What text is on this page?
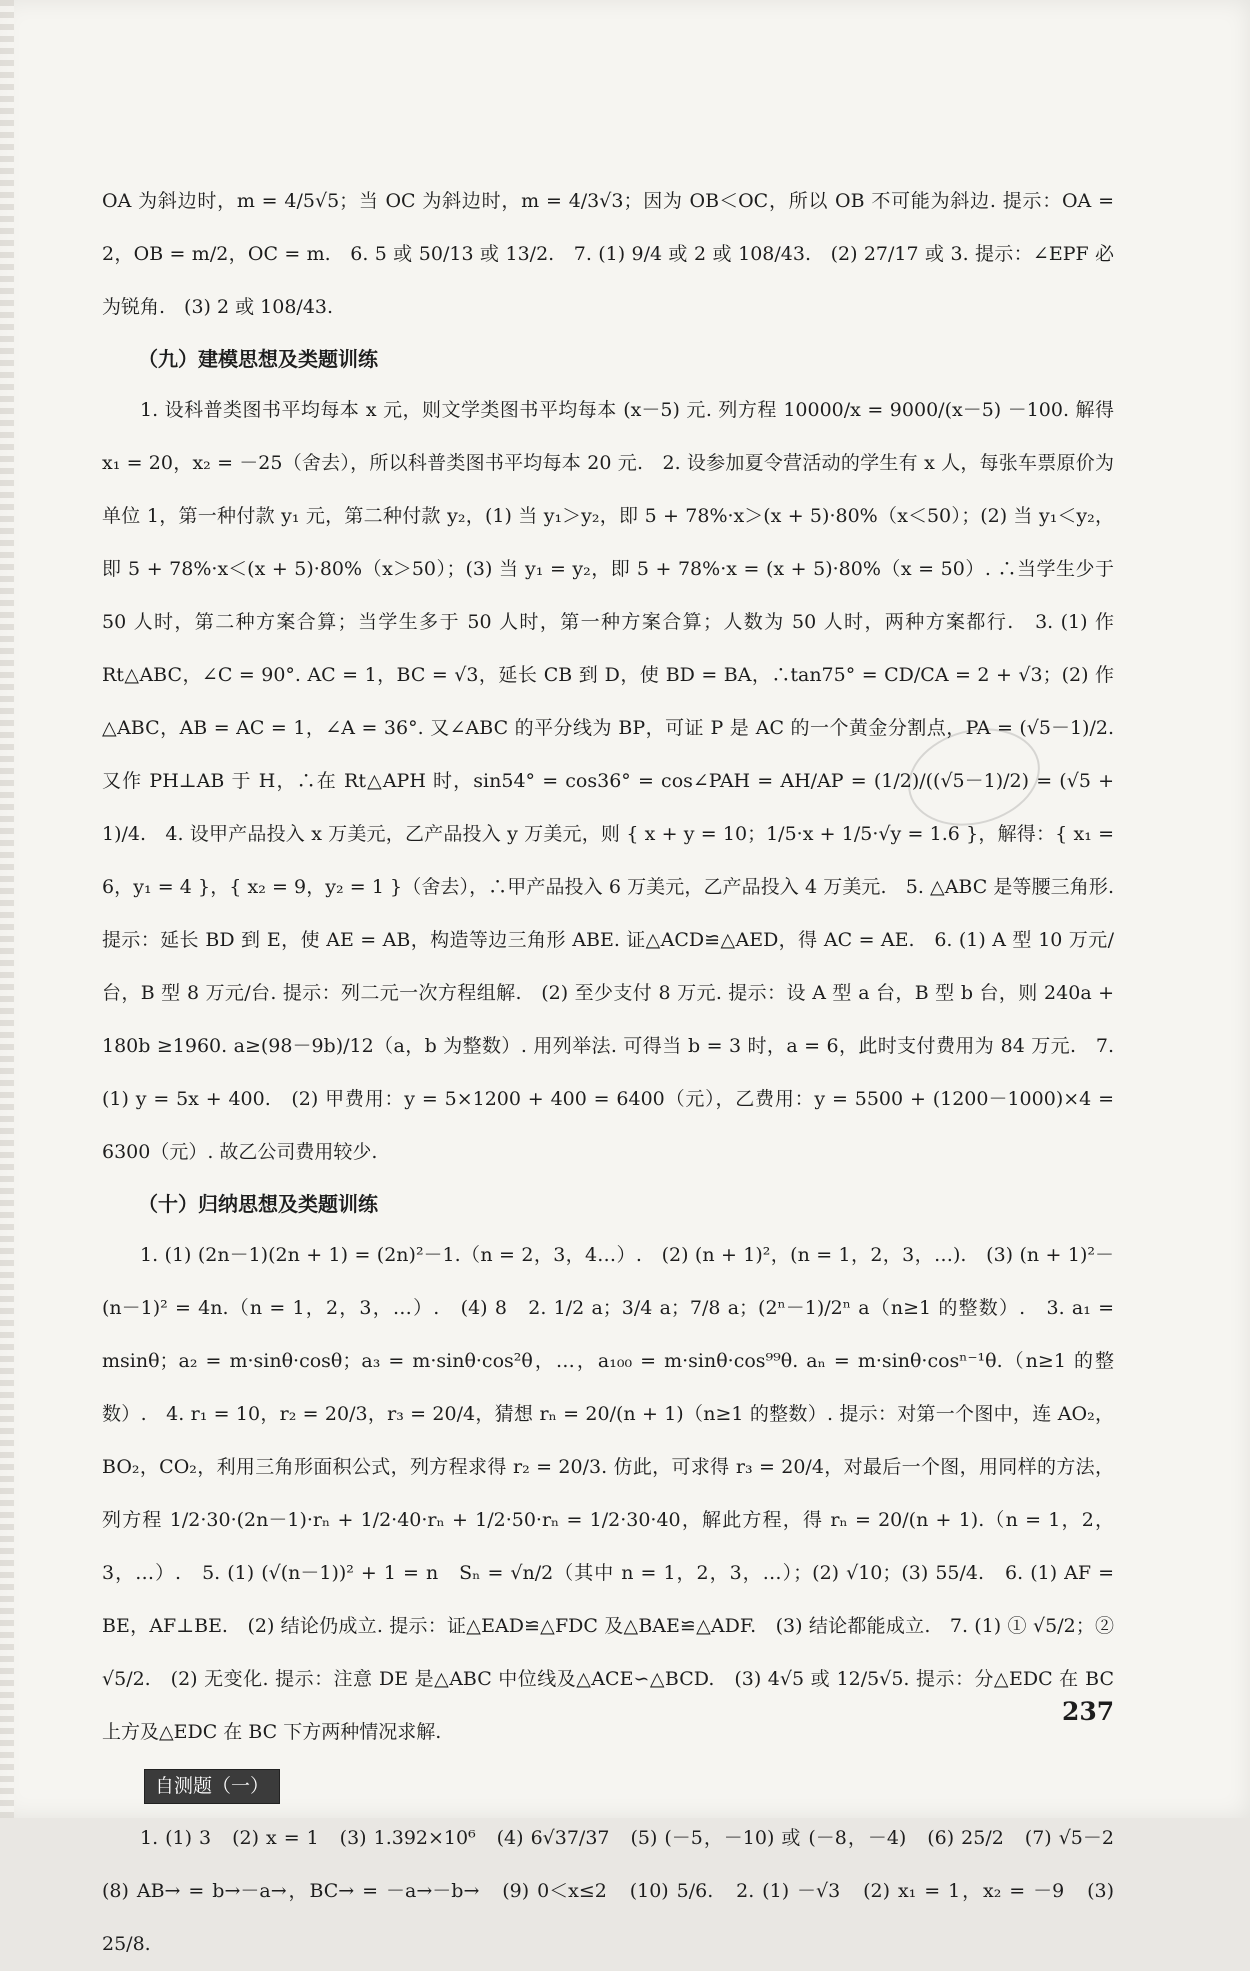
OA 为斜边时，m = 4/5√5；当 OC 为斜边时，m = 4/3√3；因为 OB＜OC，所以 OB 不可能为斜边. 提示：OA = 2，OB = m/2，OC = m.　6. 5 或 50/13 或 13/2.　7. (1) 9/4 或 2 或 108/43.　(2) 27/17 或 3. 提示：∠EPF 必为锐角.　(3) 2 或 108/43.

（九）建模思想及类题训练

1. 设科普类图书平均每本 x 元，则文学类图书平均每本 (x－5) 元. 列方程 10000/x = 9000/(x－5) －100. 解得 x₁ = 20，x₂ = －25（舍去），所以科普类图书平均每本 20 元.　2. 设参加夏令营活动的学生有 x 人，每张车票原价为单位 1，第一种付款 y₁ 元，第二种付款 y₂，(1) 当 y₁＞y₂，即 5 + 78%·x＞(x + 5)·80%（x＜50）；(2) 当 y₁＜y₂，即 5 + 78%·x＜(x + 5)·80%（x＞50）；(3) 当 y₁ = y₂，即 5 + 78%·x = (x + 5)·80%（x = 50）. ∴当学生少于 50 人时，第二种方案合算；当学生多于 50 人时，第一种方案合算；人数为 50 人时，两种方案都行.　3. (1) 作 Rt△ABC，∠C = 90°. AC = 1，BC = √3，延长 CB 到 D，使 BD = BA，∴tan75° = CD/CA = 2 + √3；(2) 作△ABC，AB = AC = 1，∠A = 36°. 又∠ABC 的平分线为 BP，可证 P 是 AC 的一个黄金分割点，PA = (√5－1)/2. 又作 PH⊥AB 于 H，∴在 Rt△APH 时，sin54° = cos36° = cos∠PAH = AH/AP = (1/2)/((√5－1)/2) = (√5 + 1)/4.　4. 设甲产品投入 x 万美元，乙产品投入 y 万美元，则 { x + y = 10；1/5·x + 1/5·√y = 1.6 }，解得：{ x₁ = 6，y₁ = 4 }，{ x₂ = 9，y₂ = 1 }（舍去），∴甲产品投入 6 万美元，乙产品投入 4 万美元.　5. △ABC 是等腰三角形. 提示：延长 BD 到 E，使 AE = AB，构造等边三角形 ABE. 证△ACD≌△AED，得 AC = AE.　6. (1) A 型 10 万元/台，B 型 8 万元/台. 提示：列二元一次方程组解.　(2) 至少支付 8 万元. 提示：设 A 型 a 台，B 型 b 台，则 240a + 180b ≥1960. a≥(98－9b)/12（a，b 为整数）. 用列举法. 可得当 b = 3 时，a = 6，此时支付费用为 84 万元.　7. (1) y = 5x + 400.　(2) 甲费用：y = 5×1200 + 400 = 6400（元），乙费用：y = 5500 + (1200－1000)×4 = 6300（元）. 故乙公司费用较少.

（十）归纳思想及类题训练

1. (1) (2n－1)(2n + 1) = (2n)²－1.（n = 2，3，4…）.　(2) (n + 1)²，(n = 1，2，3，…).　(3) (n + 1)²－(n－1)² = 4n.（n = 1，2，3，…）.　(4) 8　2. 1/2 a；3/4 a；7/8 a；(2ⁿ－1)/2ⁿ a（n≥1 的整数）.　3. a₁ = msinθ；a₂ = m·sinθ·cosθ；a₃ = m·sinθ·cos²θ，…，a₁₀₀ = m·sinθ·cos⁹⁹θ. aₙ = m·sinθ·cosⁿ⁻¹θ.（n≥1 的整数）.　4. r₁ = 10，r₂ = 20/3，r₃ = 20/4，猜想 rₙ = 20/(n + 1)（n≥1 的整数）. 提示：对第一个图中，连 AO₂，BO₂，CO₂，利用三角形面积公式，列方程求得 r₂ = 20/3. 仿此，可求得 r₃ = 20/4，对最后一个图，用同样的方法，列方程 1/2·30·(2n－1)·rₙ + 1/2·40·rₙ + 1/2·50·rₙ = 1/2·30·40，解此方程，得 rₙ = 20/(n + 1).（n = 1，2，3，…）.　5. (1) (√(n－1))² + 1 = n　Sₙ = √n/2（其中 n = 1，2，3，…）；(2) √10；(3) 55/4.　6. (1) AF = BE，AF⊥BE.　(2) 结论仍成立. 提示：证△EAD≌△FDC 及△BAE≌△ADF.　(3) 结论都能成立.　7. (1) ① √5/2；② √5/2.　(2) 无变化. 提示：注意 DE 是△ABC 中位线及△ACE∽△BCD.　(3) 4√5 或 12/5√5. 提示：分△EDC 在 BC 上方及△EDC 在 BC 下方两种情况求解.

自测题（一）

1. (1) 3　(2) x = 1　(3) 1.392×10⁶　(4) 6√37/37　(5) (－5，－10) 或 (－8，－4)　(6) 25/2　(7) √5－2　(8) AB→ = b→－a→，BC→ = －a→－b→　(9) 0＜x≤2　(10) 5/6.　2. (1) －√3　(2) x₁ = 1，x₂ = －9　(3) 25/8.

237
